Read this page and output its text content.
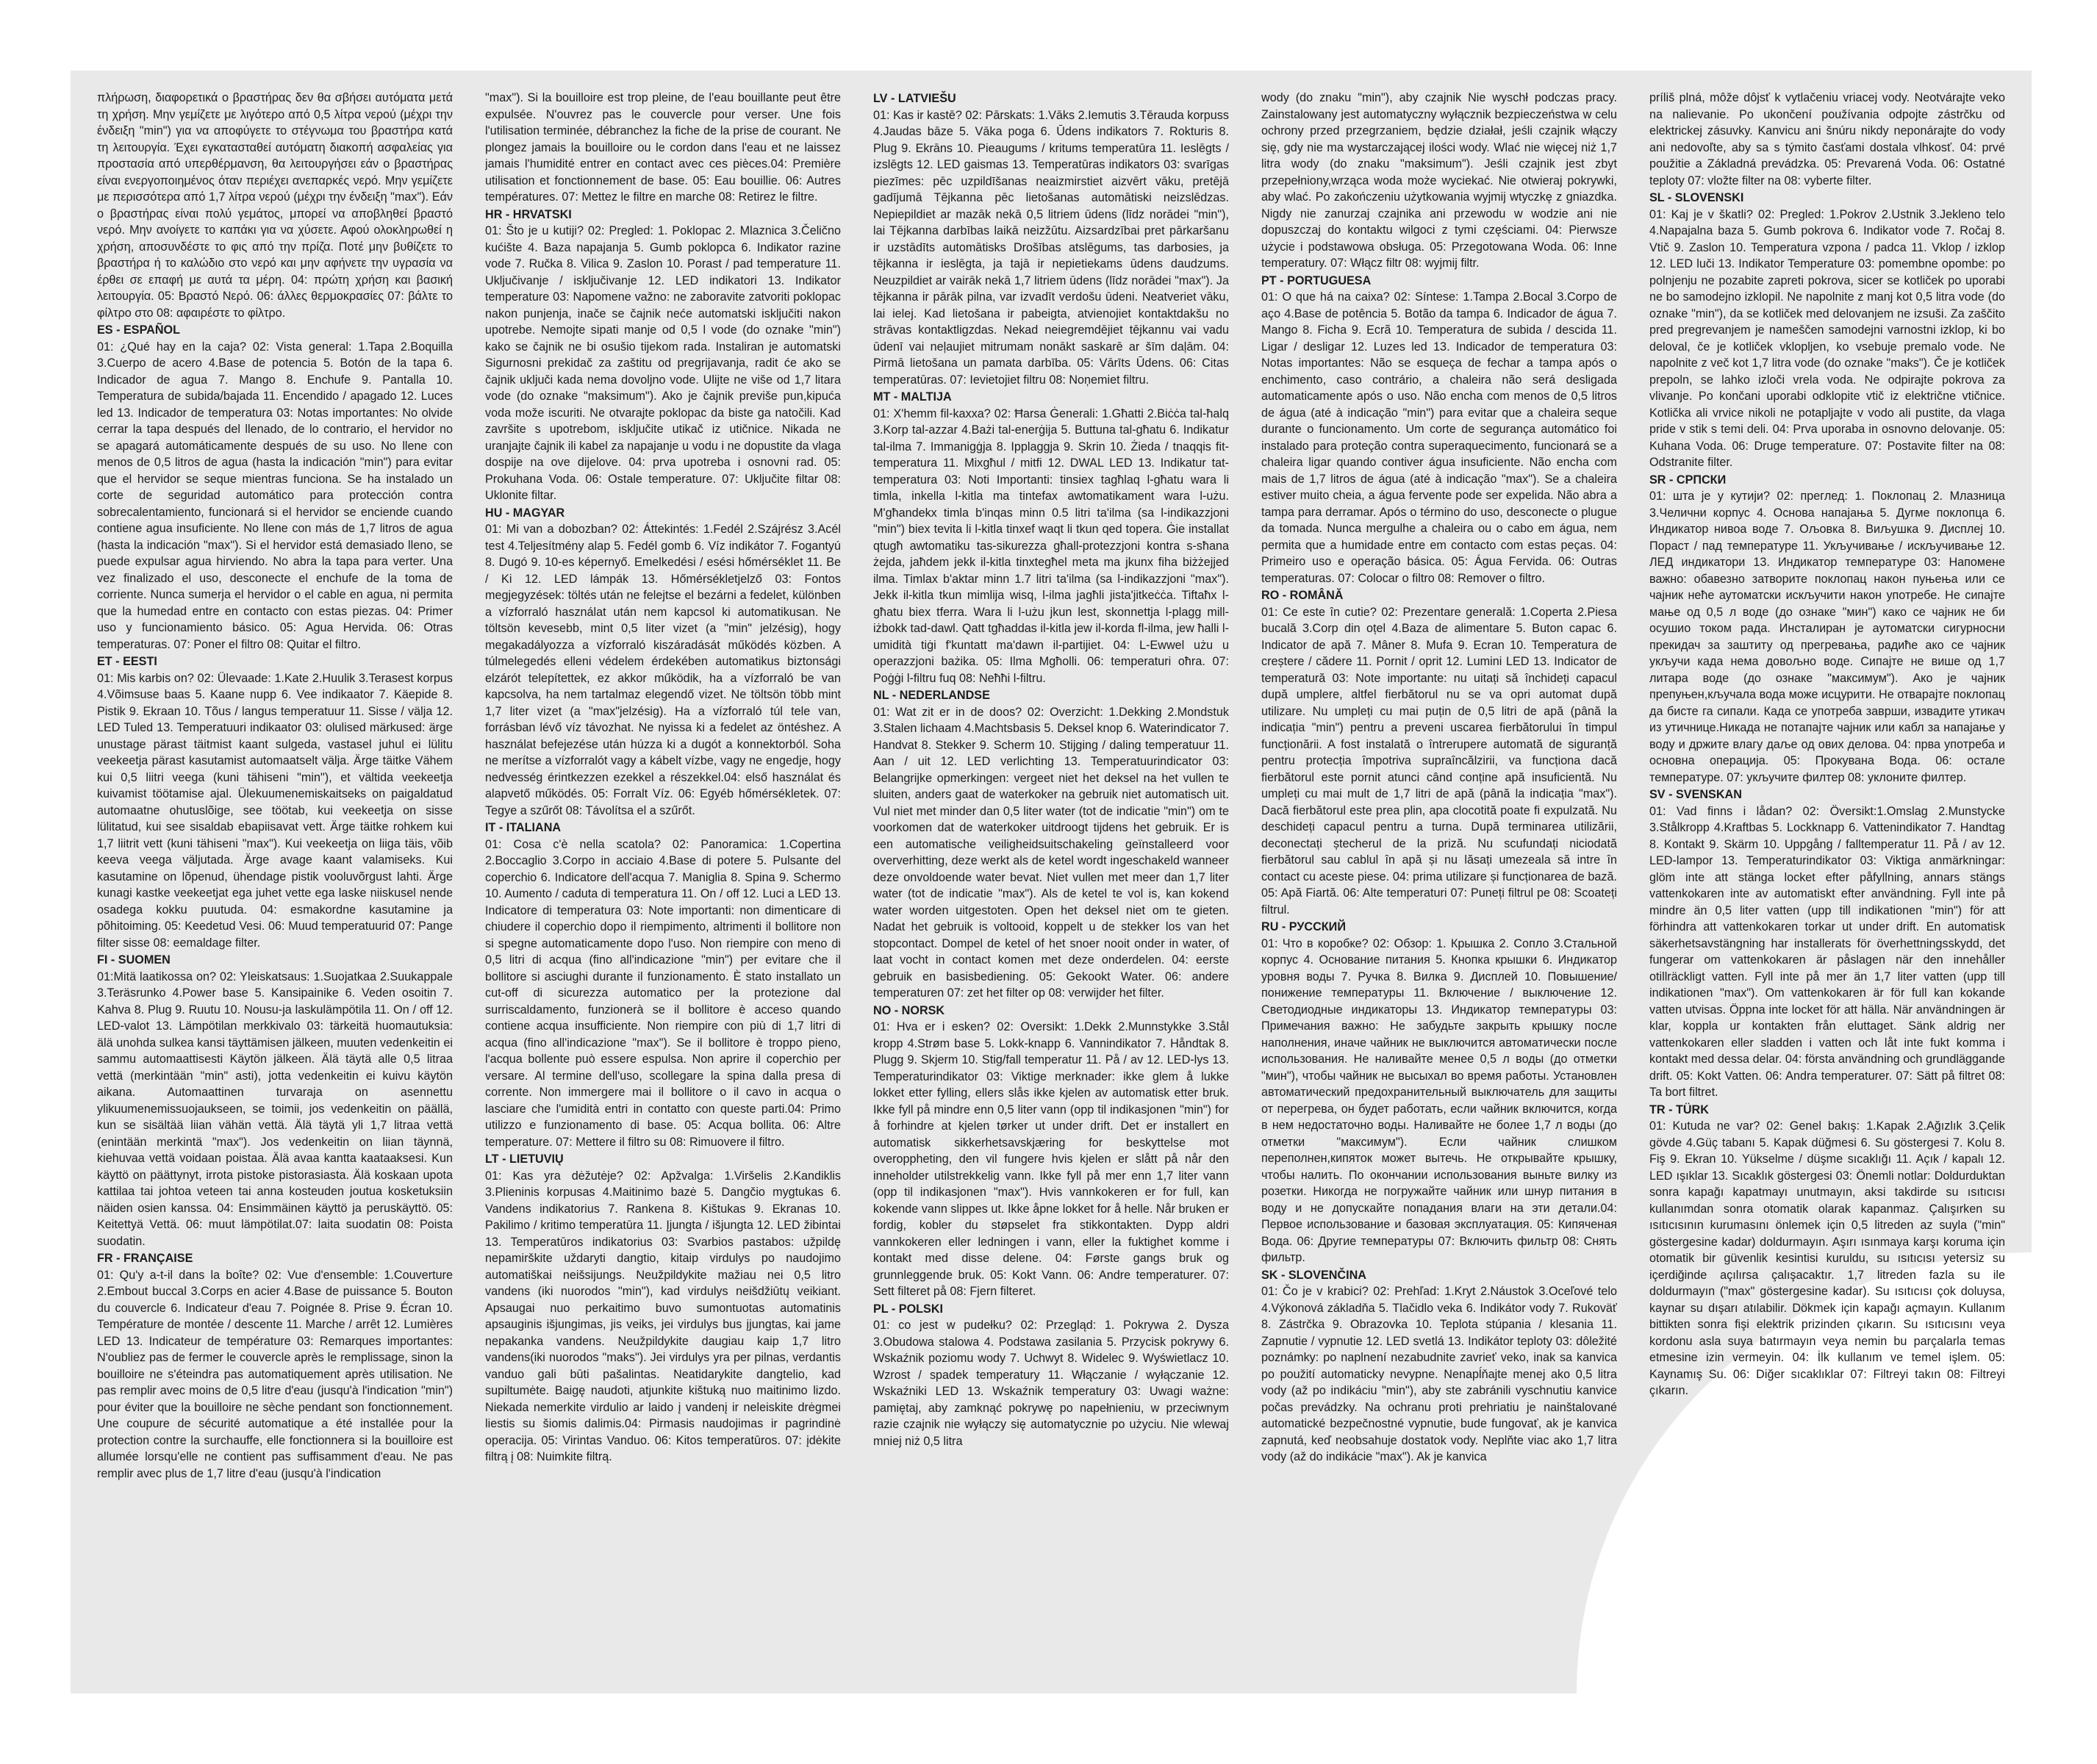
πλήρωση, διαφορετικά ο βραστήρας δεν θα σβήσει αυτόματα μετά τη χρήση. Μην γεμίζετε με λιγότερο από 0,5 λίτρα νερού (μέχρι την ένδειξη "min") για να αποφύγετε το στέγνωμα του βραστήρα κατά τη λειτουργία. Έχει εγκατασταθεί αυτόματη διακοπή ασφαλείας για προστασία από υπερθέρμανση, θα λειτουργήσει εάν ο βραστήρας είναι ενεργοποιημένος όταν περιέχει ανεπαρκές νερό. Μην γεμίζετε με περισσότερα από 1,7 λίτρα νερού (μέχρι την ένδειξη "max"). Εάν ο βραστήρας είναι πολύ γεμάτος, μπορεί να αποβληθεί βραστό νερό. Μην ανοίγετε το καπάκι για να χύσετε. Αφού ολοκληρωθεί η χρήση, αποσυνδέστε το φις από την πρίζα. Ποτέ μην βυθίζετε το βραστήρα ή το καλώδιο στο νερό και μην αφήνετε την υγρασία να έρθει σε επαφή με αυτά τα μέρη. 04: πρώτη χρήση και βασική λειτουργία. 05: Βραστό Νερό. 06: άλλες θερμοκρασίες 07: βάλτε το φίλτρο στο 08: αφαιρέστε το φίλτρο.

ES - ESPAÑOL

01: ¿Qué hay en la caja? 02: Vista general: 1.Tapa 2.Boquilla 3.Cuerpo de acero 4.Base de potencia 5. Botón de la tapa 6. Indicador de agua 7. Mango 8. Enchufe 9. Pantalla 10. Temperatura de subida/bajada 11. Encendido / apagado 12. Luces led 13. Indicador de temperatura 03: Notas importantes: No olvide cerrar la tapa después del llenado, de lo contrario, el hervidor no se apagará automáticamente después de su uso. No llene con menos de 0,5 litros de agua (hasta la indicación "min") para evitar que el hervidor se seque mientras funciona. Se ha instalado un corte de seguridad automático para protección contra sobrecalentamiento, funcionará si el hervidor se enciende cuando contiene agua insuficiente. No llene con más de 1,7 litros de agua (hasta la indicación "max"). Si el hervidor está demasiado lleno, se puede expulsar agua hirviendo. No abra la tapa para verter. Una vez finalizado el uso, desconecte el enchufe de la toma de corriente. Nunca sumerja el hervidor o el cable en agua, ni permita que la humedad entre en contacto con estas piezas. 04: Primer uso y funcionamiento básico. 05: Agua Hervida. 06: Otras temperaturas. 07: Poner el filtro 08: Quitar el filtro.

ET - EESTI

01: Mis karbis on? 02: Ülevaade: 1.Kate 2.Huulik 3.Terasest korpus 4.Võimsuse baas 5. Kaane nupp 6. Vee indikaator 7. Käepide 8. Pistik 9. Ekraan 10. Tõus / langus temperatuur 11. Sisse / välja 12. LED Tuled 13. Temperatuuri indikaator 03: olulised märkused: ärge unustage pärast täitmist kaant sulgeda, vastasel juhul ei lülitu veekeetja pärast kasutamist automaatselt välja. Ärge täitke Vähem kui 0,5 liitri veega (kuni tähiseni "min"), et vältida veekeetja kuivamist töötamise ajal. Ülekuumenemiskaitseks on paigaldatud automaatne ohutuslõige, see töötab, kui veekeetja on sisse lülitatud, kui see sisaldab ebapiisavat vett. Ärge täitke rohkem kui 1,7 liitrit vett (kuni tähiseni "max"). Kui veekeetja on liiga täis, võib keeva veega väljutada. Ärge avage kaant valamiseks. Kui kasutamine on lõpenud, ühendage pistik vooluvõrgust lahti. Ärge kunagi kastke veekeetjat ega juhet vette ega laske niiskusel nende osadega kokku puutuda. 04: esmakordne kasutamine ja põhitoiming. 05: Keedetud Vesi. 06: Muud temperatuurid 07: Pange filter sisse 08: eemaldage filter.

FI - SUOMEN

01:Mitä laatikossa on? 02: Yleiskatsaus: 1.Suojatkaa 2.Suukappale 3.Teräsrunko 4.Power base 5. Kansipainike 6. Veden osoitin 7. Kahva 8. Plug 9. Ruutu 10. Nousu-ja laskulämpötila 11. On / off 12. LED-valot 13. Lämpötilan merkkivalo 03: tärkeitä huomautuksia: älä unohda sulkea kansi täyttämisen jälkeen, muuten vedenkeitin ei sammu automaattisesti Käytön jälkeen. Älä täytä alle 0,5 litraa vettä (merkintään "min" asti), jotta vedenkeitin ei kuivu käytön aikana. Automaattinen turvaraja on asennettu ylikuumenemissuojaukseen, se toimii, jos vedenkeitin on päällä, kun se sisältää liian vähän vettä. Älä täytä yli 1,7 litraa vettä (enintään merkintä "max"). Jos vedenkeitin on liian täynnä, kiehuvaa vettä voidaan poistaa. Älä avaa kantta kaataaksesi. Kun käyttö on päättynyt, irrota pistoke pistorasiasta. Älä koskaan upota kattilaa tai johtoa veteen tai anna kosteuden joutua kosketuksiin näiden osien kanssa. 04: Ensimmäinen käyttö ja peruskäyttö. 05: Keitettyä Vettä. 06: muut lämpötilat.07: laita suodatin 08: Poista suodatin.

FR - FRANÇAISE

01: Qu'y a-t-il dans la boîte? 02: Vue d'ensemble: 1.Couverture 2.Embout buccal 3.Corps en acier 4.Base de puissance 5. Bouton du couvercle 6. Indicateur d'eau 7. Poignée 8. Prise 9. Écran 10. Température de montée / descente 11. Marche / arrêt 12. Lumières LED 13. Indicateur de température 03: Remarques importantes: N'oubliez pas de fermer le couvercle après le remplissage, sinon la bouilloire ne s'éteindra pas automatiquement après utilisation. Ne pas remplir avec moins de 0,5 litre d'eau (jusqu'à l'indication "min") pour éviter que la bouilloire ne sèche pendant son fonctionnement. Une coupure de sécurité automatique a été installée pour la protection contre la surchauffe, elle fonctionnera si la bouilloire est allumée lorsqu'elle ne contient pas suffisamment d'eau. Ne pas remplir avec plus de 1,7 litre d'eau (jusqu'à l'indication

"max"). Si la bouilloire est trop pleine, de l'eau bouillante peut être expulsée. N'ouvrez pas le couvercle pour verser. Une fois l'utilisation terminée, débranchez la fiche de la prise de courant. Ne plongez jamais la bouilloire ou le cordon dans l'eau et ne laissez jamais l'humidité entrer en contact avec ces pièces.04: Première utilisation et fonctionnement de base. 05: Eau bouillie. 06: Autres températures. 07: Mettez le filtre en marche 08: Retirez le filtre.

HR - HRVATSKI

01: Što je u kutiji? 02: Pregled: 1. Poklopac 2. Mlaznica 3.Čelično kućište 4. Baza napajanja 5. Gumb poklopca 6. Indikator razine vode 7. Ručka 8. Vilica 9. Zaslon 10. Porast / pad temperature 11. Uključivanje / isključivanje 12. LED indikatori 13. Indikator temperature 03: Napomene važno: ne zaboravite zatvoriti poklopac nakon punjenja, inače se čajnik neće automatski isključiti nakon upotrebe. Nemojte sipati manje od 0,5 l vode (do oznake "min") kako se čajnik ne bi osušio tijekom rada. Instaliran je automatski Sigurnosni prekidač za zaštitu od pregrijavanja, radit će ako se čajnik uključi kada nema dovoljno vode. Ulijte ne više od 1,7 litara vode (do oznake "maksimum"). Ako je čajnik previše pun,kipuća voda može iscuriti. Ne otvarajte poklopac da biste ga natočili. Kad završite s upotrebom, isključite utikač iz utičnice. Nikada ne uranjajte čajnik ili kabel za napajanje u vodu i ne dopustite da vlaga dospije na ove dijelove. 04: prva upotreba i osnovni rad. 05: Prokuhana Voda. 06: Ostale temperature. 07: Uključite filtar 08: Uklonite filtar.

HU - MAGYAR

01: Mi van a dobozban? 02: Áttekintés: 1.Fedél 2.Szájrész 3.Acél test 4.Teljesítmény alap 5. Fedél gomb 6. Víz indikátor 7. Fogantyú 8. Dugó 9. 10-es képernyő. Emelkedési / esési hőmérséklet 11. Be / Ki 12. LED lámpák 13. Hőmérsékletjelző 03: Fontos megjegyzések: töltés után ne felejtse el bezárni a fedelet, különben a vízforraló használat után nem kapcsol ki automatikusan. Ne töltsön kevesebb, mint 0,5 liter vizet (a "min" jelzésig), hogy megakadályozza a vízforraló kiszáradását működés közben. A túlmelegedés elleni védelem érdekében automatikus biztonsági elzárót telepítettek, ez akkor működik, ha a vízforraló be van kapcsolva, ha nem tartalmaz elegendő vizet. Ne töltsön több mint 1,7 liter vizet (a "max"jelzésig). Ha a vízforraló túl tele van, forrásban lévő víz távozhat. Ne nyissa ki a fedelet az öntéshez. A használat befejezése után húzza ki a dugót a konnektorból. Soha ne merítse a vízforralót vagy a kábelt vízbe, vagy ne engedje, hogy nedvesség érintkezzen ezekkel a részekkel.04: első használat és alapvető működés. 05: Forralt Víz. 06: Egyéb hőmérsékletek. 07: Tegye a szűrőt 08: Távolítsa el a szűrőt.

IT - ITALIANA

01: Cosa c'è nella scatola? 02: Panoramica: 1.Copertina 2.Boccaglio 3.Corpo in acciaio 4.Base di potere 5. Pulsante del coperchio 6. Indicatore dell'acqua 7. Maniglia 8. Spina 9. Schermo 10. Aumento / caduta di temperatura 11. On / off 12. Luci a LED 13. Indicatore di temperatura 03: Note importanti: non dimenticare di chiudere il coperchio dopo il riempimento, altrimenti il bollitore non si spegne automaticamente dopo l'uso. Non riempire con meno di 0,5 litri di acqua (fino all'indicazione "min") per evitare che il bollitore si asciughi durante il funzionamento. È stato installato un cut-off di sicurezza automatico per la protezione dal surriscaldamento, funzionerà se il bollitore è acceso quando contiene acqua insufficiente. Non riempire con più di 1,7 litri di acqua (fino all'indicazione "max"). Se il bollitore è troppo pieno, l'acqua bollente può essere espulsa. Non aprire il coperchio per versare. Al termine dell'uso, scollegare la spina dalla presa di corrente. Non immergere mai il bollitore o il cavo in acqua o lasciare che l'umidità entri in contatto con queste parti.04: Primo utilizzo e funzionamento di base. 05: Acqua bollita. 06: Altre temperature. 07: Mettere il filtro su 08: Rimuovere il filtro.

LT - LIETUVIŲ

01: Kas yra dėžutėje? 02: Apžvalga: 1.Viršelis 2.Kandiklis 3.Plieninis korpusas 4.Maitinimo bazė 5. Dangčio mygtukas 6. Vandens indikatorius 7. Rankena 8. Kištukas 9. Ekranas 10. Pakilimo / kritimo temperatūra 11. Įjungta / išjungta 12. LED žibintai 13. Temperatūros indikatorius 03: Svarbios pastabos: užpildę nepamirškite uždaryti dangtio, kitaip virdulys po naudojimo automatiškai neišsijungs. Neužpildykite mažiau nei 0,5 litro vandens (iki nuorodos "min"), kad virdulys neišdžiūtų veikiant. Apsaugai nuo perkaitimo buvo sumontuotas automatinis apsauginis išjungimas, jis veiks, jei virdulys bus įjungtas, kai jame nepakanka vandens. Neužpildykite daugiau kaip 1,7 litro vandens(iki nuorodos "maks"). Jei virdulys yra per pilnas, verdantis vanduo gali būti pašalintas. Neatidarykite dangtelio, kad supiltumėte. Baigę naudoti, atjunkite kištuką nuo maitinimo lizdo. Niekada nemerkite virdulio ar laido į vandenį ir neleiskite drėgmei liestis su šiomis dalimis.04: Pirmasis naudojimas ir pagrindinė operacija. 05: Virintas Vanduo. 06: Kitos temperatūros. 07: įdėkite filtrą į 08: Nuimkite filtrą.

LV - LATVIEŠU

01: Kas ir kastē? 02: Pārskats: 1.Vāks 2.Iemutis 3.Tērauda korpuss 4.Jaudas bāze 5. Vāka poga 6. Ūdens indikators 7. Rokturis 8. Plug 9. Ekrāns 10. Pieaugums / kritums temperatūra 11. Ieslēgts / izslēgts 12. LED gaismas 13. Temperatūras indikators 03: svarīgas piezīmes: pēc uzpildīšanas neaizmirstiet aizvērt vāku, pretējā gadījumā Tējkanna pēc lietošanas automātiski neizslēdzas. Nepiepildiet ar mazāk nekā 0,5 litriem ūdens (līdz norādei "min"), lai Tējkanna darbības laikā neizžūtu. Aizsardzībai pret pārkaršanu ir uzstādīts automātisks Drošības atslēgums, tas darbosies, ja tējkanna ir ieslēgta, ja tajā ir nepietiekams ūdens daudzums. Neuzpildiet ar vairāk nekā 1,7 litriem ūdens (līdz norādei "max"). Ja tējkanna ir pārāk pilna, var izvadīt verdošu ūdeni. Neatveriet vāku, lai ielej. Kad lietošana ir pabeigta, atvienojiet kontaktdakšu no strāvas kontaktligzdas. Nekad neiegremdējiet tējkannu vai vadu ūdenī vai neļaujiet mitrumam nonākt saskarē ar šīm daļām. 04: Pirmā lietošana un pamata darbība. 05: Vārīts Ūdens. 06: Citas temperatūras. 07: Ievietojiet filtru 08: Noņemiet filtru.

MT - MALTIJA

01: X'hemm fil-kaxxa? 02: Ħarsa Ġenerali: 1.Għatti 2.Biċċa tal-ħalq 3.Korp tal-azzar 4.Bażi tal-enerġija 5. Buttuna tal-għatu 6. Indikatur tal-ilma 7. Immanigġja 8. Ipplaggja 9. Skrin 10. Żieda / tnaqqis fit-temperatura 11. Mixgħul / mitfi 12. DWAL LED 13. Indikatur tat-temperatura 03: Noti Importanti: tinsiex tagħlaq l-għatu wara li timla, inkella l-kitla ma tintefax awtomatikament wara l-użu. M'għandekx timla b'inqas minn 0.5 litri ta'ilma (sa l-indikazzjoni "min") biex tevita li l-kitla tinxef waqt li tkun qed topera. Ġie installat qtugħ awtomatiku tas-sikurezza għall-protezzjoni kontra s-sħana żejda, jaħdem jekk il-kitla tinxtegħel meta ma jkunx fiha biżżejjed ilma. Timlax b'aktar minn 1.7 litri ta'ilma (sa l-indikazzjoni "max"). Jekk il-kitla tkun mimlija wisq, l-ilma jagħli jista'jitkeċċa. Tiftaħx l-għatu biex tferra. Wara li l-użu jkun lest, skonnettja l-plagg mill-iżbokk tad-dawl. Qatt tgħaddas il-kitla jew il-korda fl-ilma, jew ħalli l-umidità tiġi f'kuntatt ma'dawn il-partijiet. 04: L-Ewwel użu u operazzjoni bażika. 05: Ilma Mgħolli. 06: temperaturi oħra. 07: Poġġi l-filtru fuq 08: Neħħi l-filtru.

NL - NEDERLANDSE

01: Wat zit er in de doos? 02: Overzicht: 1.Dekking 2.Mondstuk 3.Stalen lichaam 4.Machtsbasis 5. Deksel knop 6. Waterindicator 7. Handvat 8. Stekker 9. Scherm 10. Stijging / daling temperatuur 11. Aan / uit 12. LED verlichting 13. Temperatuurindicator 03: Belangrijke opmerkingen: vergeet niet het deksel na het vullen te sluiten, anders gaat de waterkoker na gebruik niet automatisch uit. Vul niet met minder dan 0,5 liter water (tot de indicatie "min") om te voorkomen dat de waterkoker uitdroogt tijdens het gebruik. Er is een automatische veiligheidsuitschakeling geïnstalleerd voor oververhitting, deze werkt als de ketel wordt ingeschakeld wanneer deze onvoldoende water bevat. Niet vullen met meer dan 1,7 liter water (tot de indicatie "max"). Als de ketel te vol is, kan kokend water worden uitgestoten. Open het deksel niet om te gieten. Nadat het gebruik is voltooid, koppelt u de stekker los van het stopcontact. Dompel de ketel of het snoer nooit onder in water, of laat vocht in contact komen met deze onderdelen. 04: eerste gebruik en basisbediening. 05: Gekookt Water. 06: andere temperaturen 07: zet het filter op 08: verwijder het filter.

NO - NORSK

01: Hva er i esken? 02: Oversikt: 1.Dekk 2.Munnstykke 3.Stål kropp 4.Strøm base 5. Lokk-knapp 6. Vannindikator 7. Håndtak 8. Plugg 9. Skjerm 10. Stig/fall temperatur 11. På / av 12. LED-lys 13. Temperaturindikator 03: Viktige merknader: ikke glem å lukke lokket etter fylling, ellers slås ikke kjelen av automatisk etter bruk. Ikke fyll på mindre enn 0,5 liter vann (opp til indikasjonen "min") for å forhindre at kjelen tørker ut under drift. Det er installert en automatisk sikkerhetsavskjæring for beskyttelse mot overoppheting, den vil fungere hvis kjelen er slått på når den inneholder utilstrekkelig vann. Ikke fyll på mer enn 1,7 liter vann (opp til indikasjonen "max"). Hvis vannkokeren er for full, kan kokende vann slippes ut. Ikke åpne lokket for å helle. Når bruken er fordig, kobler du støpselet fra stikkontakten. Dypp aldri vannkokeren eller ledningen i vann, eller la fuktighet komme i kontakt med disse delene. 04: Første gangs bruk og grunnleggende bruk. 05: Kokt Vann. 06: Andre temperaturer. 07: Sett filteret på 08: Fjern filteret.

PL - POLSKI

01: co jest w pudełku? 02: Przegląd: 1. Pokrywa 2. Dysza 3.Obudowa stalowa 4. Podstawa zasilania 5. Przycisk pokrywy 6. Wskaźnik poziomu wody 7. Uchwyt 8. Widelec 9. Wyświetlacz 10. Wzrost / spadek temperatury 11. Włączanie / wyłączanie 12. Wskaźniki LED 13. Wskaźnik temperatury 03: Uwagi ważne: pamiętaj, aby zamknąć pokrywę po napełnieniu, w przeciwnym razie czajnik nie wyłączy się automatycznie po użyciu. Nie wlewaj mniej niż 0,5 litra

wody (do znaku "min"), aby czajnik Nie wyschł podczas pracy. Zainstalowany jest automatyczny wyłącznik bezpieczeństwa w celu ochrony przed przegrzaniem, będzie działał, jeśli czajnik włączy się, gdy nie ma wystarczającej ilości wody. Wlać nie więcej niż 1,7 litra wody (do znaku "maksimum"). Jeśli czajnik jest zbyt przepełniony,wrząca woda może wyciekać. Nie otwieraj pokrywki, aby wlać. Po zakończeniu użytkowania wyjmij wtyczkę z gniazdka. Nigdy nie zanurzaj czajnika ani przewodu w wodzie ani nie dopuszczaj do kontaktu wilgoci z tymi częściami. 04: Pierwsze użycie i podstawowa obsługa. 05: Przegotowana Woda. 06: Inne temperatury. 07: Włącz filtr 08: wyjmij filtr.

PT - PORTUGUESA

01: O que há na caixa? 02: Síntese: 1.Tampa 2.Bocal 3.Corpo de aço 4.Base de potência 5. Botão da tampa 6. Indicador de água 7. Mango 8. Ficha 9. Ecrã 10. Temperatura de subida / descida 11. Ligar / desligar 12. Luzes led 13. Indicador de temperatura 03: Notas importantes: Não se esqueça de fechar a tampa após o enchimento, caso contrário, a chaleira não será desligada automaticamente após o uso. Não encha com menos de 0,5 litros de água (até à indicação "min") para evitar que a chaleira seque durante o funcionamento. Um corte de segurança automático foi instalado para proteção contra superaquecimento, funcionará se a chaleira ligar quando contiver água insuficiente. Não encha com mais de 1,7 litros de água (até à indicação "max"). Se a chaleira estiver muito cheia, a água fervente pode ser expelida. Não abra a tampa para derramar. Após o término do uso, desconecte o plugue da tomada. Nunca mergulhe a chaleira ou o cabo em água, nem permita que a humidade entre em contacto com estas peças. 04: Primeiro uso e operação básica. 05: Água Fervida. 06: Outras temperaturas. 07: Colocar o filtro 08: Remover o filtro.

RO - ROMÂNĂ

01: Ce este în cutie? 02: Prezentare generală: 1.Coperta 2.Piesa bucală 3.Corp din oțel 4.Baza de alimentare 5. Buton capac 6. Indicator de apă 7. Mâner 8. Mufa 9. Ecran 10. Temperatura de creștere / cădere 11. Pornit / oprit 12. Lumini LED 13. Indicator de temperatură 03: Note importante: nu uitați să închideți capacul după umplere, altfel fierbătorul nu se va opri automat după utilizare. Nu umpleți cu mai puțin de 0,5 litri de apă (până la indicația "min") pentru a preveni uscarea fierbătorului în timpul funcționării. A fost instalată o întrerupere automată de siguranță pentru protecția împotriva supraîncălzirii, va funcționa dacă fierbătorul este pornit atunci când conține apă insuficientă. Nu umpleți cu mai mult de 1,7 litri de apă (până la indicația "max"). Dacă fierbătorul este prea plin, apa clocotită poate fi expulzată. Nu deschideți capacul pentru a turna. După terminarea utilizării, deconectați ștecherul de la priză. Nu scufundați niciodată fierbătorul sau cablul în apă și nu lăsați umezeala să intre în contact cu aceste piese. 04: prima utilizare și funcționarea de bază. 05: Apă Fiartă. 06: Alte temperaturi 07: Puneți filtrul pe 08: Scoateți filtrul.

RU - РУССКИЙ

01: Что в коробке? 02: Обзор: 1. Крышка 2. Сопло 3.Стальной корпус 4. Основание питания 5. Кнопка крышки 6. Индикатор уровня воды 7. Ручка 8. Вилка 9. Дисплей 10. Повышение/понижение температуры 11. Включение / выключение 12. Светодиодные индикаторы 13. Индикатор температуры 03: Примечания важно: Не забудьте закрыть крышку после наполнения, иначе чайник не выключится автоматически после использования. Не наливайте менее 0,5 л воды (до отметки "мин"), чтобы чайник не высыхал во время работы. Установлен автоматический предохранительный выключатель для защиты от перегрева, он будет работать, если чайник включится, когда в нем недостаточно воды. Наливайте не более 1,7 л воды (до отметки "максимум"). Если чайник слишком переполнен,кипяток может вытечь. Не открывайте крышку, чтобы налить. По окончании использования выньте вилку из розетки. Никогда не погружайте чайник или шнур питания в воду и не допускайте попадания влаги на эти детали.04: Первое использование и базовая эксплуатация. 05: Кипяченая Вода. 06: Другие температуры 07: Включить фильтр 08: Снять фильтр.

SK - SLOVENČINA

01: Čo je v krabici? 02: Prehľad: 1.Kryt 2.Náustok 3.Oceľové telo 4.Výkonová základňa 5. Tlačidlo veka 6. Indikátor vody 7. Rukoväť 8. Zástrčka 9. Obrazovka 10. Teplota stúpania / klesania 11. Zapnutie / vypnutie 12. LED svetlá 13. Indikátor teploty 03: dôležité poznámky: po naplnení nezabudnite zavrieť veko, inak sa kanvica po použití automaticky nevypne. Nenapĺňajte menej ako 0,5 litra vody (až po indikáciu "min"), aby ste zabránili vyschnutiu kanvice počas prevádzky. Na ochranu proti prehriatiu je nainštalované automatické bezpečnostné vypnutie, bude fungovať, ak je kanvica zapnutá, keď neobsahuje dostatok vody. Neplňte viac ako 1,7 litra vody (až do indikácie "max"). Ak je kanvica

príliš plná, môže dôjsť k vytlačeniu vriacej vody. Neotvárajte veko na nalievanie. Po ukončení používania odpojte zástrčku od elektrickej zásuvky. Kanvicu ani šnúru nikdy neponárajte do vody ani nedovoľte, aby sa s týmito časťami dostala vlhkosť. 04: prvé použitie a Základná prevádzka. 05: Prevarená Voda. 06: Ostatné teploty 07: vložte filter na 08: vyberte filter.

SL - SLOVENSKI

01: Kaj je v škatli? 02: Pregled: 1.Pokrov 2.Ustnik 3.Jekleno telo 4.Napajalna baza 5. Gumb pokrova 6. Indikator vode 7. Ročaj 8. Vtič 9. Zaslon 10. Temperatura vzpona / padca 11. Vklop / izklop 12. LED luči 13. Indikator Temperature 03: pomembne opombe: po polnjenju ne pozabite zapreti pokrova, sicer se kotliček po uporabi ne bo samodejno izklopil. Ne napolnite z manj kot 0,5 litra vode (do oznake "min"), da se kotliček med delovanjem ne izsuši. Za zaščito pred pregrevanjem je nameščen samodejni varnostni izklop, ki bo deloval, če je kotliček vklopljen, ko vsebuje premalo vode. Ne napolnite z več kot 1,7 litra vode (do oznake "maks"). Če je kotliček prepoln, se lahko izloči vrela voda. Ne odpirajte pokrova za vlivanje. Po končani uporabi odklopite vtič iz električne vtičnice. Kotlička ali vrvice nikoli ne potapljajte v vodo ali pustite, da vlaga pride v stik s temi deli. 04: Prva uporaba in osnovno delovanje. 05: Kuhana Voda. 06: Druge temperature. 07: Postavite filter na 08: Odstranite filter.

SR - СРПСКИ

01: шта је у кутији? 02: преглед: 1. Поклопац 2. Млазница 3.Челични корпус 4. Основа напајања 5. Дугме поклопца 6. Индикатор нивоа воде 7. Ољовка 8. Виљушка 9. Дисплеј 10. Пораст / пад температуре 11. Укључивање / искључивање 12. ЛЕД индикатори 13. Индикатор температуре 03: Напомене важно: обавезно затворите поклопац након пуњења или се чајник неће аутоматски искључити након употребе. Не сипајте мање од 0,5 л воде (до ознаке "мин") како се чајник не би осушио током рада. Инсталиран је аутоматски сигурносни прекидач за заштиту од прегревања, радиће ако се чајник укључи када нема довољно воде. Сипајте не више од 1,7 литара воде (до ознаке "максимум"). Ако је чајник препуњен,кључала вода може исцурити. Не отварајте поклопац да бисте га сипали. Када се употреба заврши, извадите утикач из утичнице.Никада не потапајте чајник или кабл за напајање у воду и држите влагу даље од ових делова. 04: прва употреба и основна операција. 05: Прокувана Вода. 06: остале температуре. 07: укључите филтер 08: уклоните филтер.

SV - SVENSKAN

01: Vad finns i lådan? 02: Översikt:1.Omslag 2.Munstycke 3.Stålkropp 4.Kraftbas 5. Lockknapp 6. Vattenindikator 7. Handtag 8. Kontakt 9. Skärm 10. Uppgång / falltemperatur 11. På / av 12. LED-lampor 13. Temperaturindikator 03: Viktiga anmärkningar: glöm inte att stänga locket efter påfyllning, annars stängs vattenkokaren inte av automatiskt efter användning. Fyll inte på mindre än 0,5 liter vatten (upp till indikationen "min") för att förhindra att vattenkokaren torkar ut under drift. En automatisk säkerhetsavstängning har installerats för överhettningsskydd, det fungerar om vattenkokaren är påslagen när den innehåller otillräckligt vatten. Fyll inte på mer än 1,7 liter vatten (upp till indikationen "max"). Om vattenkokaren är för full kan kokande vatten utvisas. Öppna inte locket för att hälla. När användningen är klar, koppla ur kontakten från eluttaget. Sänk aldrig ner vattenkokaren eller sladden i vatten och låt inte fukt komma i kontakt med dessa delar. 04: första användning och grundläggande drift. 05: Kokt Vatten. 06: Andra temperaturer. 07: Sätt på filtret 08: Ta bort filtret.

TR - TÜRK

01: Kutuda ne var? 02: Genel bakış: 1.Kapak 2.Ağızlık 3.Çelik gövde 4.Güç tabanı 5. Kapak düğmesi 6. Su göstergesi 7. Kolu 8. Fiş 9. Ekran 10. Yükselme / düşme sıcaklığı 11. Açık / kapalı 12. LED ışıklar 13. Sıcaklık göstergesi 03: Önemli notlar: Doldurduktan sonra kapağı kapatmayı unutmayın, aksi takdirde su ısıtıcısı kullanımdan sonra otomatik olarak kapanmaz. Çalışırken su ısıtıcısının kurumasını önlemek için 0,5 litreden az suyla ("min" göstergesine kadar) doldurmayın. Aşırı ısınmaya karşı koruma için otomatik bir güvenlik kesintisi kuruldu, su ısıtıcısı yetersiz su içerdiğinde açılırsa çalışacaktır. 1,7 litreden fazla su ile doldurmayın ("max" göstergesine kadar). Su ısıtıcısı çok doluysa, kaynar su dışarı atılabilir. Dökmek için kapağı açmayın. Kullanım bittikten sonra fişi elektrik prizinden çıkarın. Su ısıtıcısını veya kordonu asla suya batırmayın veya nemin bu parçalarla temas etmesine izin vermeyin. 04: İlk kullanım ve temel işlem. 05: Kaynamış Su. 06: Diğer sıcaklıklar 07: Filtreyi takın 08: Filtreyi çıkarın.
